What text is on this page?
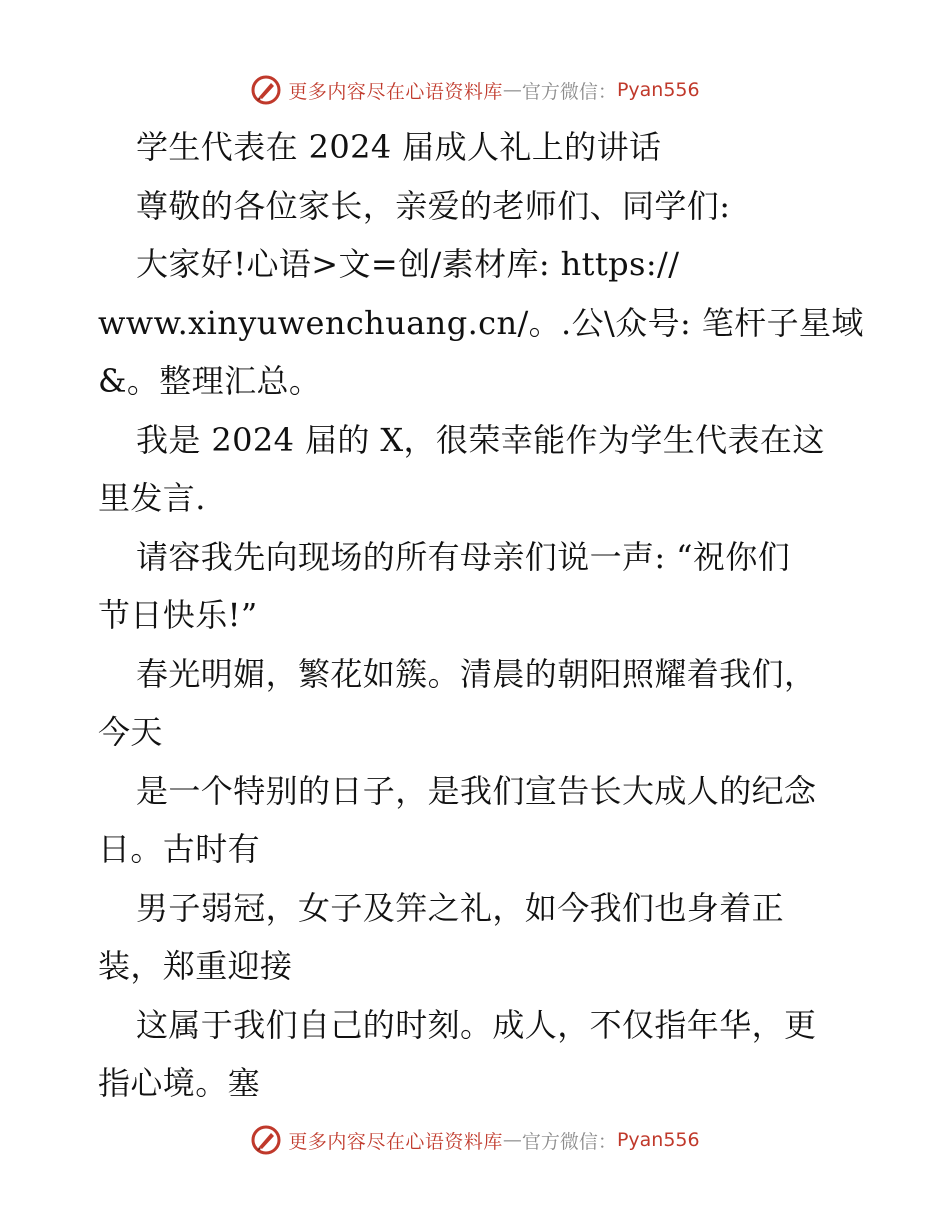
更多内容尽在心语资料库 — 官方微信： Pyan556
学生代表在 2024 届成人礼上的讲话
尊敬的各位家长，亲爱的老师们、同学们:
大家好!心语>文=创/素材库: https://
www.xinyuwenchuang.cn/。.公\众号: 笔杆子星域
&。整理汇总。
我是 2024 届的 X，很荣幸能作为学生代表在这
里发言.
请容我先向现场的所有母亲们说一声: “祝你们
节日快乐!”
春光明媚，繁花如簇。清晨的朝阳照耀着我们，
今天
是一个特别的日子，是我们宣告长大成人的纪念
日。古时有
男子弱冠，女子及笄之礼，如今我们也身着正
装，郑重迎接
这属于我们自己的时刻。成人，不仅指年华，更
指心境。塞
更多内容尽在心语资料库 — 官方微信： Pyan556
